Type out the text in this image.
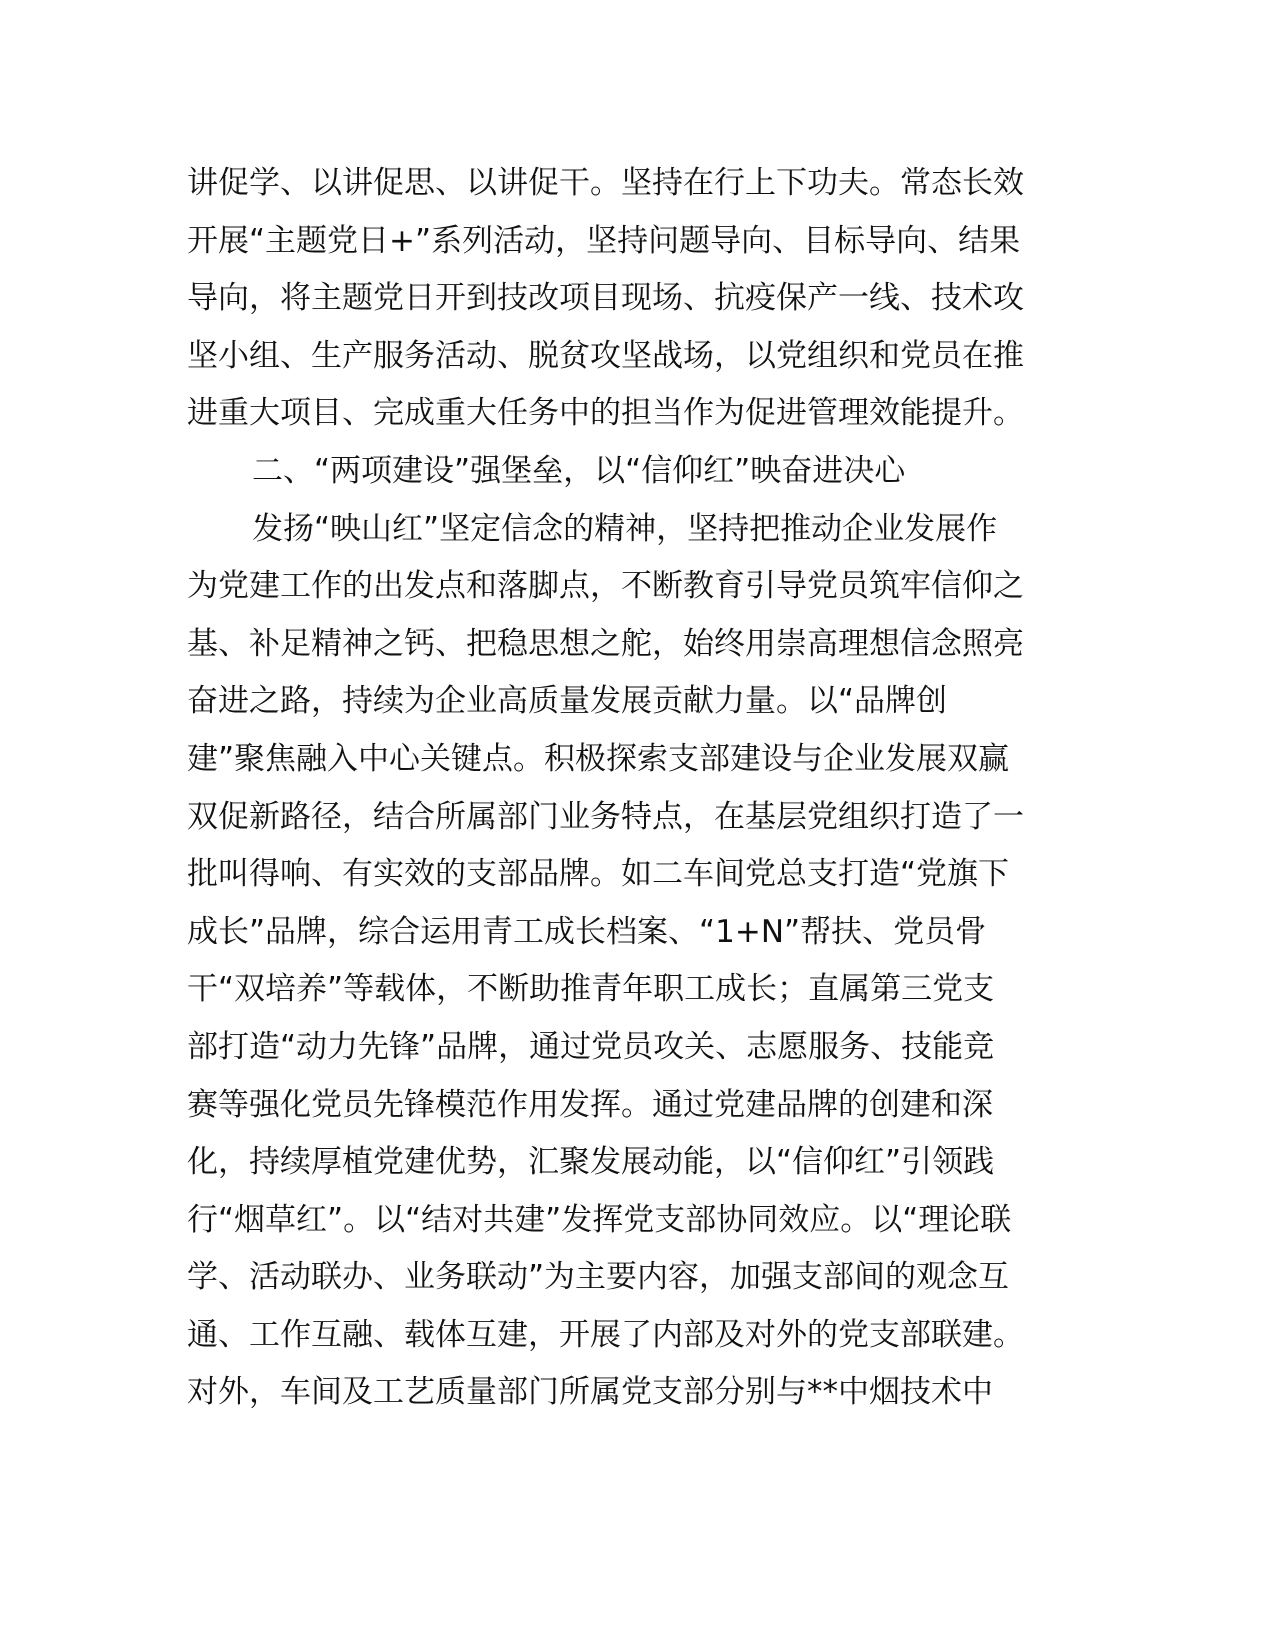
讲促学、以讲促思、以讲促干。坚持在行上下功夫。常态长效
开展“主题党日+”系列活动，坚持问题导向、目标导向、结果
导向，将主题党日开到技改项目现场、抗疫保产一线、技术攻
坚小组、生产服务活动、脱贫攻坚战场，以党组织和党员在推
进重大项目、完成重大任务中的担当作为促进管理效能提升。
二、“两项建设”强堡垒，以“信仰红”映奋进决心
发扬“映山红”坚定信念的精神，坚持把推动企业发展作
为党建工作的出发点和落脚点，不断教育引导党员筑牢信仰之
基、补足精神之钙、把稳思想之舵，始终用崇高理想信念照亮
奋进之路，持续为企业高质量发展贡献力量。以“品牌创
建”聚焦融入中心关键点。积极探索支部建设与企业发展双赢
双促新路径，结合所属部门业务特点，在基层党组织打造了一
批叫得响、有实效的支部品牌。如二车间党总支打造“党旗下
成长”品牌，综合运用青工成长档案、“1+N”帮扶、党员骨
干“双培养”等载体，不断助推青年职工成长；直属第三党支
部打造“动力先锋”品牌，通过党员攻关、志愿服务、技能竞
赛等强化党员先锋模范作用发挥。通过党建品牌的创建和深
化，持续厚植党建优势，汇聚发展动能，以“信仰红”引领践
行“烟草红”。以“结对共建”发挥党支部协同效应。以“理论联
学、活动联办、业务联动”为主要内容，加强支部间的观念互
通、工作互融、载体互建，开展了内部及对外的党支部联建。
对外，车间及工艺质量部门所属党支部分别与**中烟技术中
